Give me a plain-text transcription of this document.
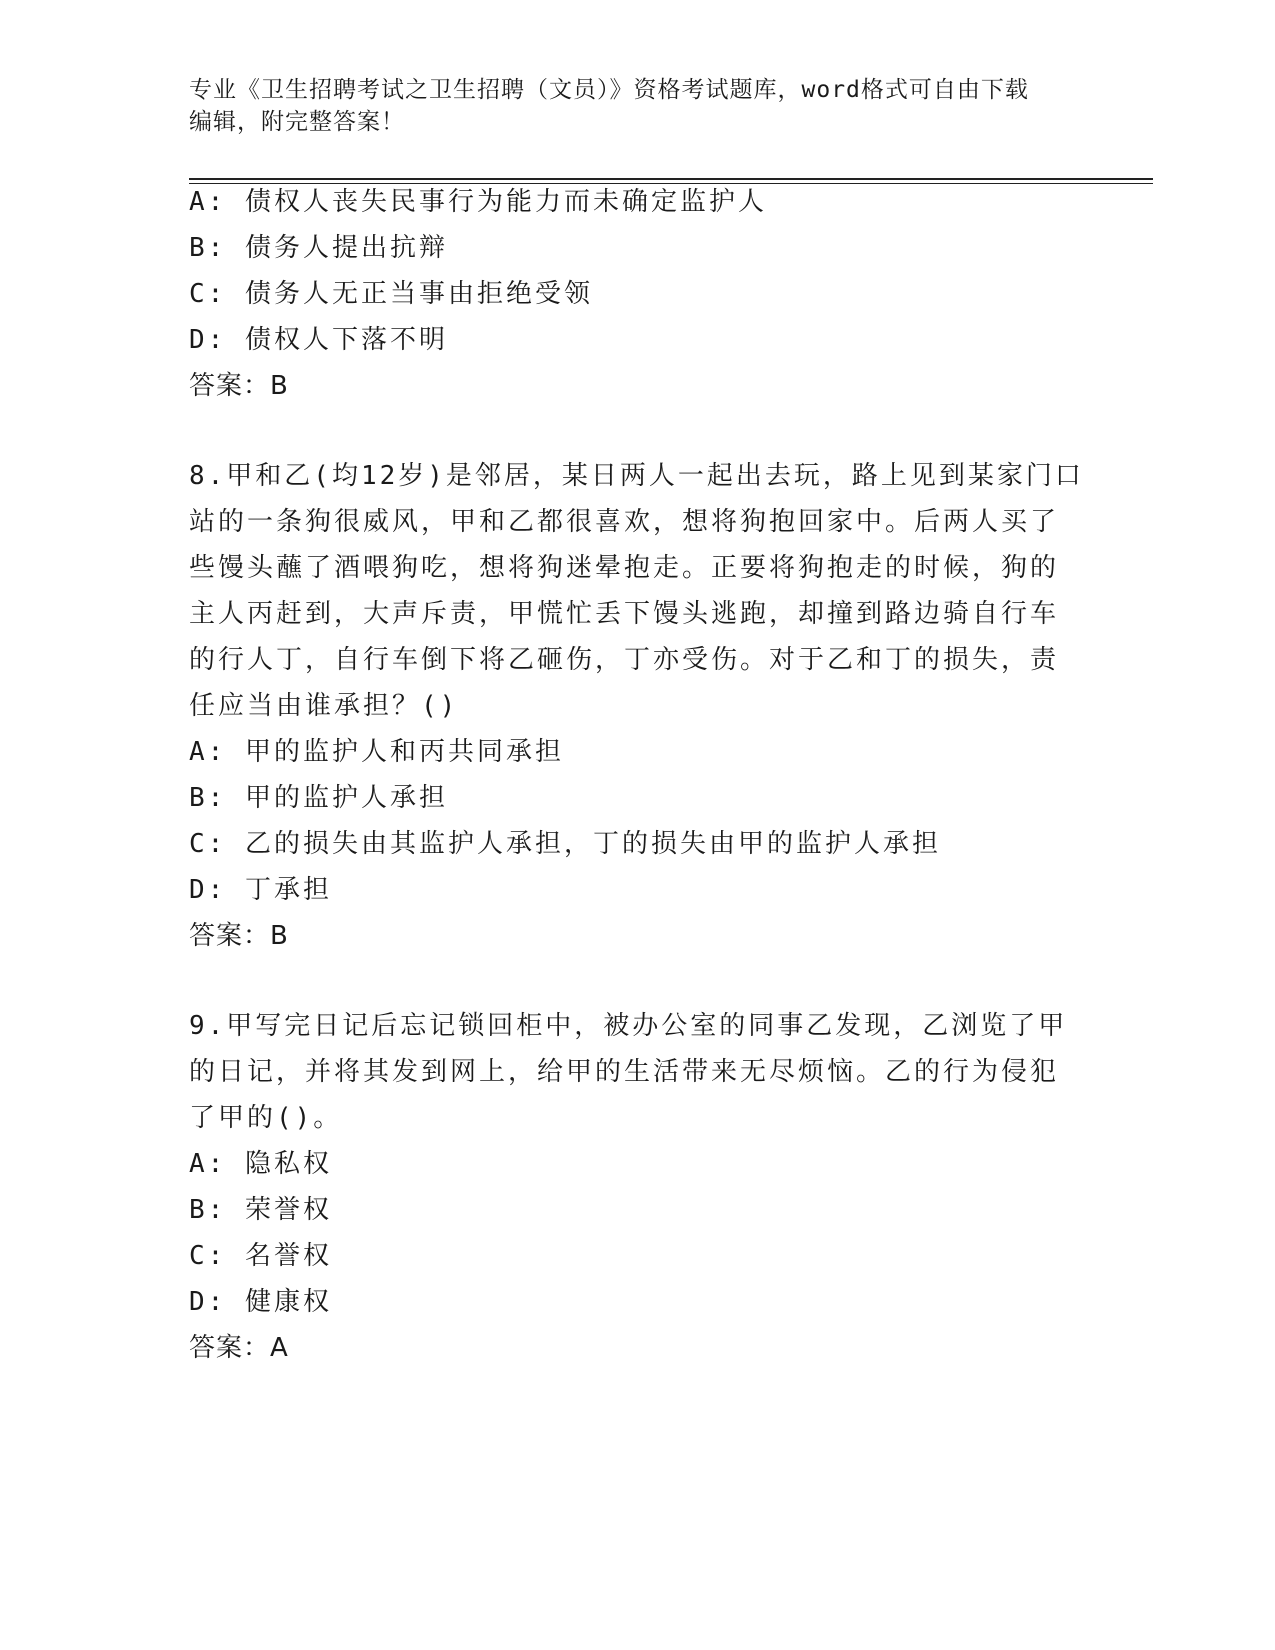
专业《卫生招聘考试之卫生招聘（文员）》资格考试题库，word格式可自由下载
编辑，附完整答案！
A: 债权人丧失民事行为能力而未确定监护人
B: 债务人提出抗辩
C: 债务人无正当事由拒绝受领
D: 债权人下落不明
答案：B
8.甲和乙(均12岁)是邻居，某日两人一起出去玩，路上见到某家门口
站的一条狗很威风，甲和乙都很喜欢，想将狗抱回家中。后两人买了
些馒头蘸了酒喂狗吃，想将狗迷晕抱走。正要将狗抱走的时候，狗的
主人丙赶到，大声斥责，甲慌忙丢下馒头逃跑，却撞到路边骑自行车
的行人丁，自行车倒下将乙砸伤，丁亦受伤。对于乙和丁的损失，责
任应当由谁承担？()
A: 甲的监护人和丙共同承担
B: 甲的监护人承担
C: 乙的损失由其监护人承担，丁的损失由甲的监护人承担
D: 丁承担
答案：B
9.甲写完日记后忘记锁回柜中，被办公室的同事乙发现，乙浏览了甲
的日记，并将其发到网上，给甲的生活带来无尽烦恼。乙的行为侵犯
了甲的()。
A: 隐私权
B: 荣誉权
C: 名誉权
D: 健康权
答案：A
